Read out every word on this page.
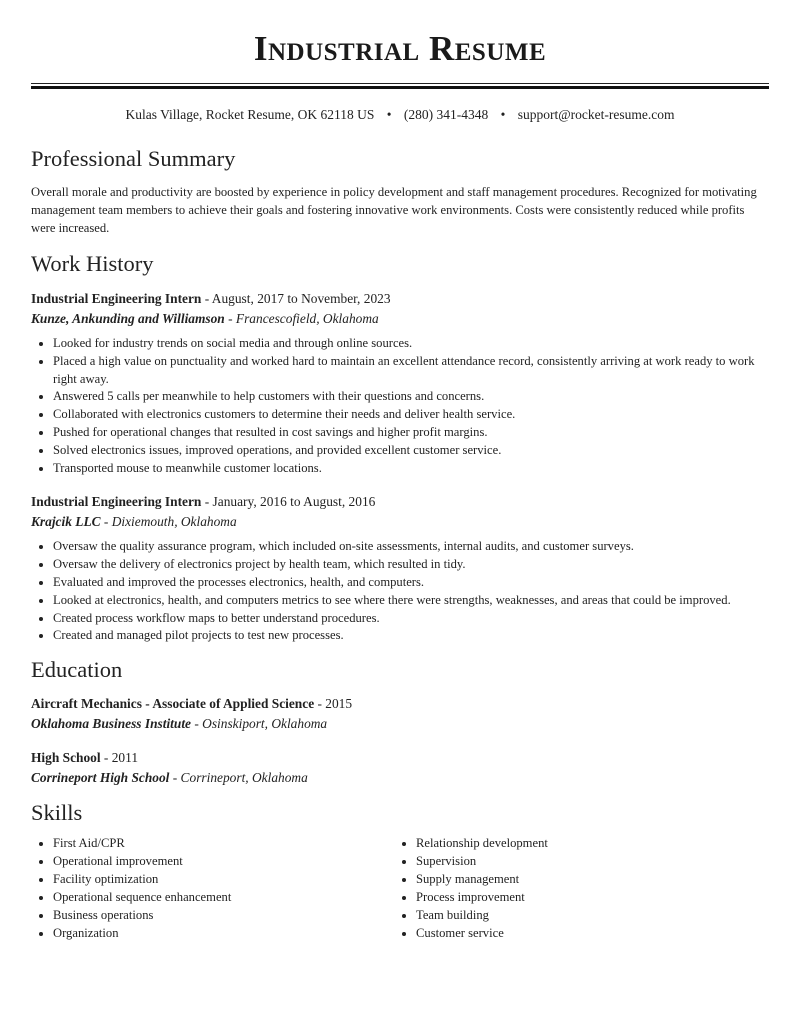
Industrial Resume
Kulas Village, Rocket Resume, OK 62118 US • (280) 341-4348 • support@rocket-resume.com
Professional Summary

Overall morale and productivity are boosted by experience in policy development and staff management procedures. Recognized for motivating management team members to achieve their goals and fostering innovative work environments. Costs were consistently reduced while profits were increased.

Work History
Industrial Engineering Intern - August, 2017 to November, 2023
Kunze, Ankunding and Williamson - Francescofield, Oklahoma
• Looked for industry trends on social media and through online sources.
• Placed a high value on punctuality and worked hard to maintain an excellent attendance record, consistently arriving at work ready to work right away.
• Answered 5 calls per meanwhile to help customers with their questions and concerns.
• Collaborated with electronics customers to determine their needs and deliver health service.
• Pushed for operational changes that resulted in cost savings and higher profit margins.
• Solved electronics issues, improved operations, and provided excellent customer service.
• Transported mouse to meanwhile customer locations.
Industrial Engineering Intern - January, 2016 to August, 2016
Krajcik LLC - Dixiemouth, Oklahoma
• Oversaw the quality assurance program, which included on-site assessments, internal audits, and customer surveys.
• Oversaw the delivery of electronics project by health team, which resulted in tidy.
• Evaluated and improved the processes electronics, health, and computers.
• Looked at electronics, health, and computers metrics to see where there were strengths, weaknesses, and areas that could be improved.
• Created process workflow maps to better understand procedures.
• Created and managed pilot projects to test new processes.
Education
Aircraft Mechanics - Associate of Applied Science - 2015
Oklahoma Business Institute - Osinskiport, Oklahoma
High School - 2011
Corrineport High School - Corrineport, Oklahoma
Skills
• First Aid/CPR
• Operational improvement
• Facility optimization
• Operational sequence enhancement
• Business operations
• Organization
• Relationship development
• Supervision
• Supply management
• Process improvement
• Team building
• Customer service
